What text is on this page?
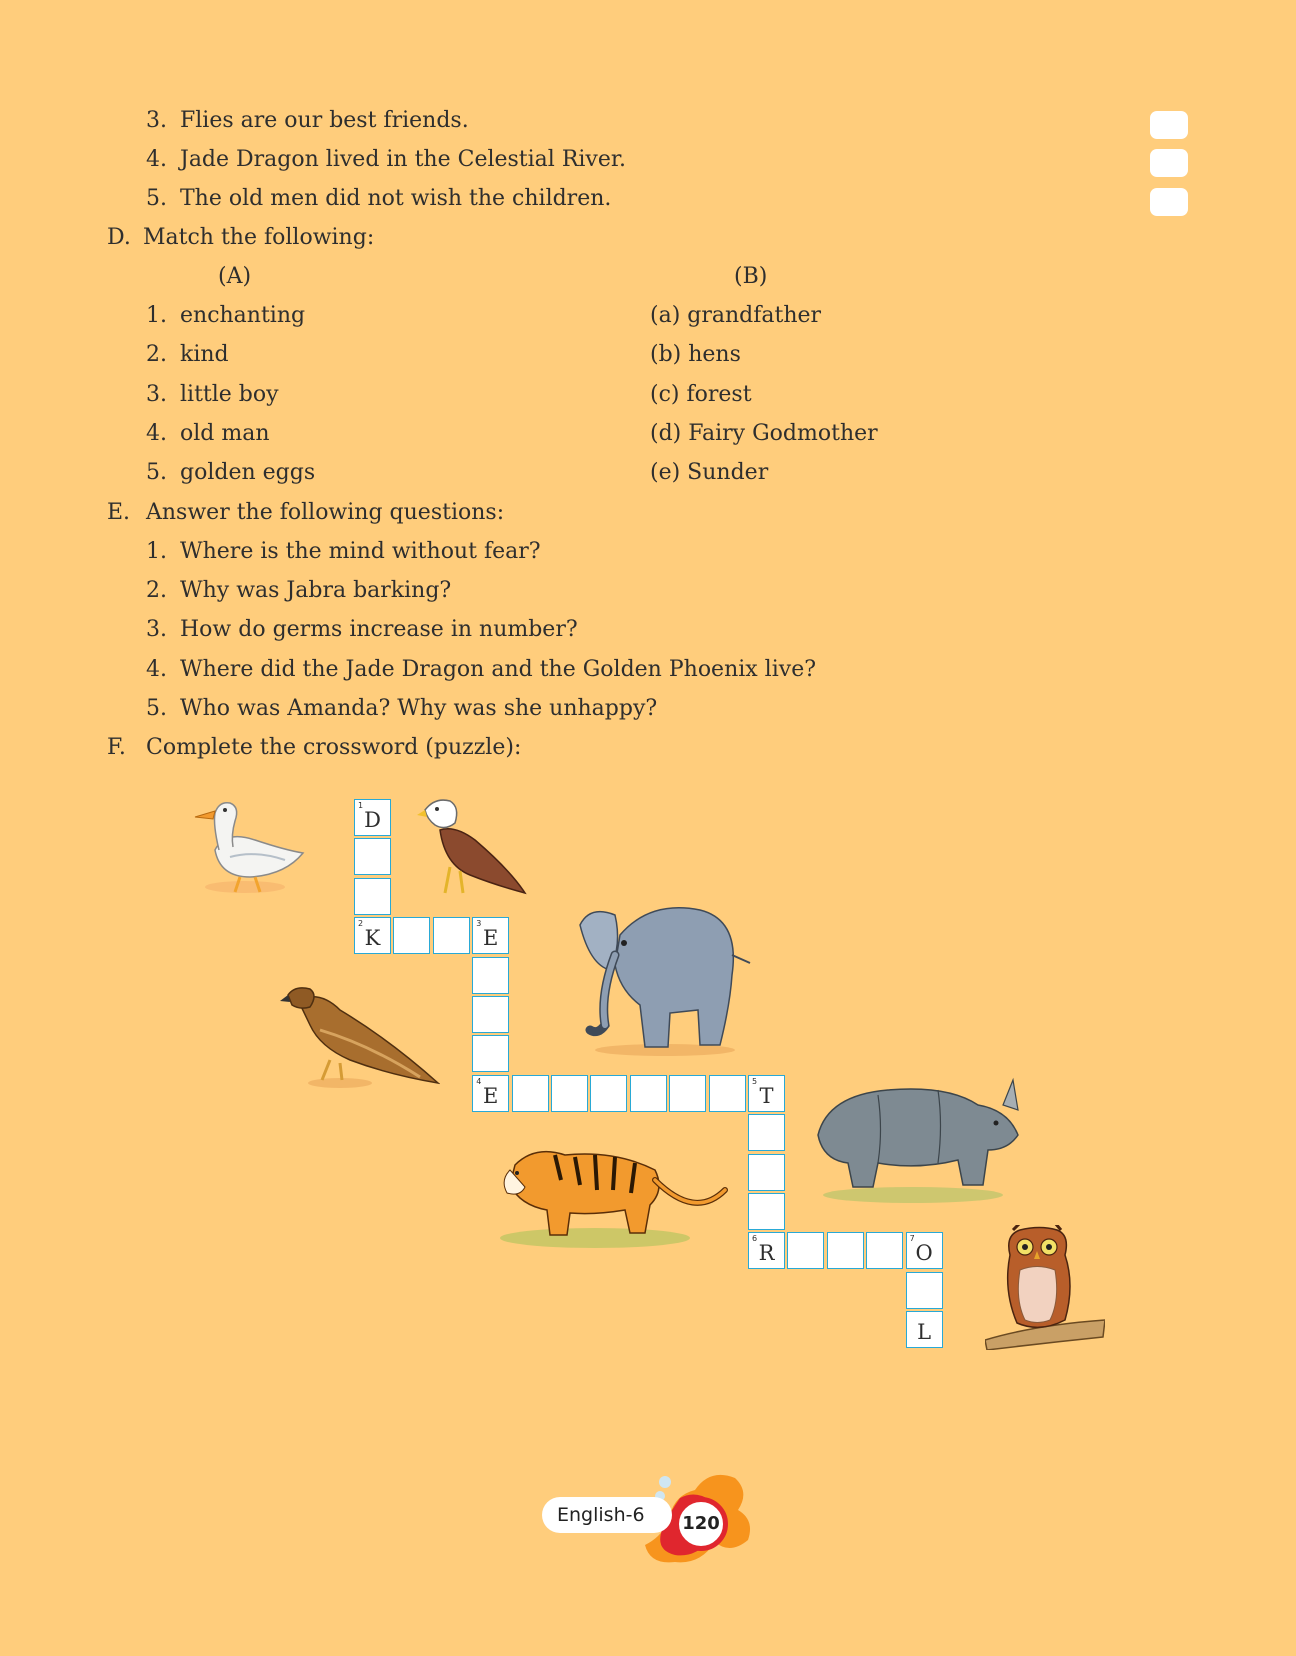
3. Flies are our best friends.
4. Jade Dragon lived in the Celestial River.
5. The old men did not wish the children.
D. Match the following:
(A)	(B)
1. enchanting
2. kind
3. little boy
4. old man
5. golden eggs
(a) grandfather
(b) hens
(c) forest
(d) Fairy Godmother
(e) Sunder
E. Answer the following questions:
1. Where is the mind without fear?
2. Why was Jabra barking?
3. How do germs increase in number?
4. Where did the Jade Dragon and the Golden Phoenix live?
5. Who was Amanda? Why was she unhappy?
F. Complete the crossword (puzzle):
1
D
2
K
3
E
4
E
5
T
6
R
7
O
L
English-6	120
